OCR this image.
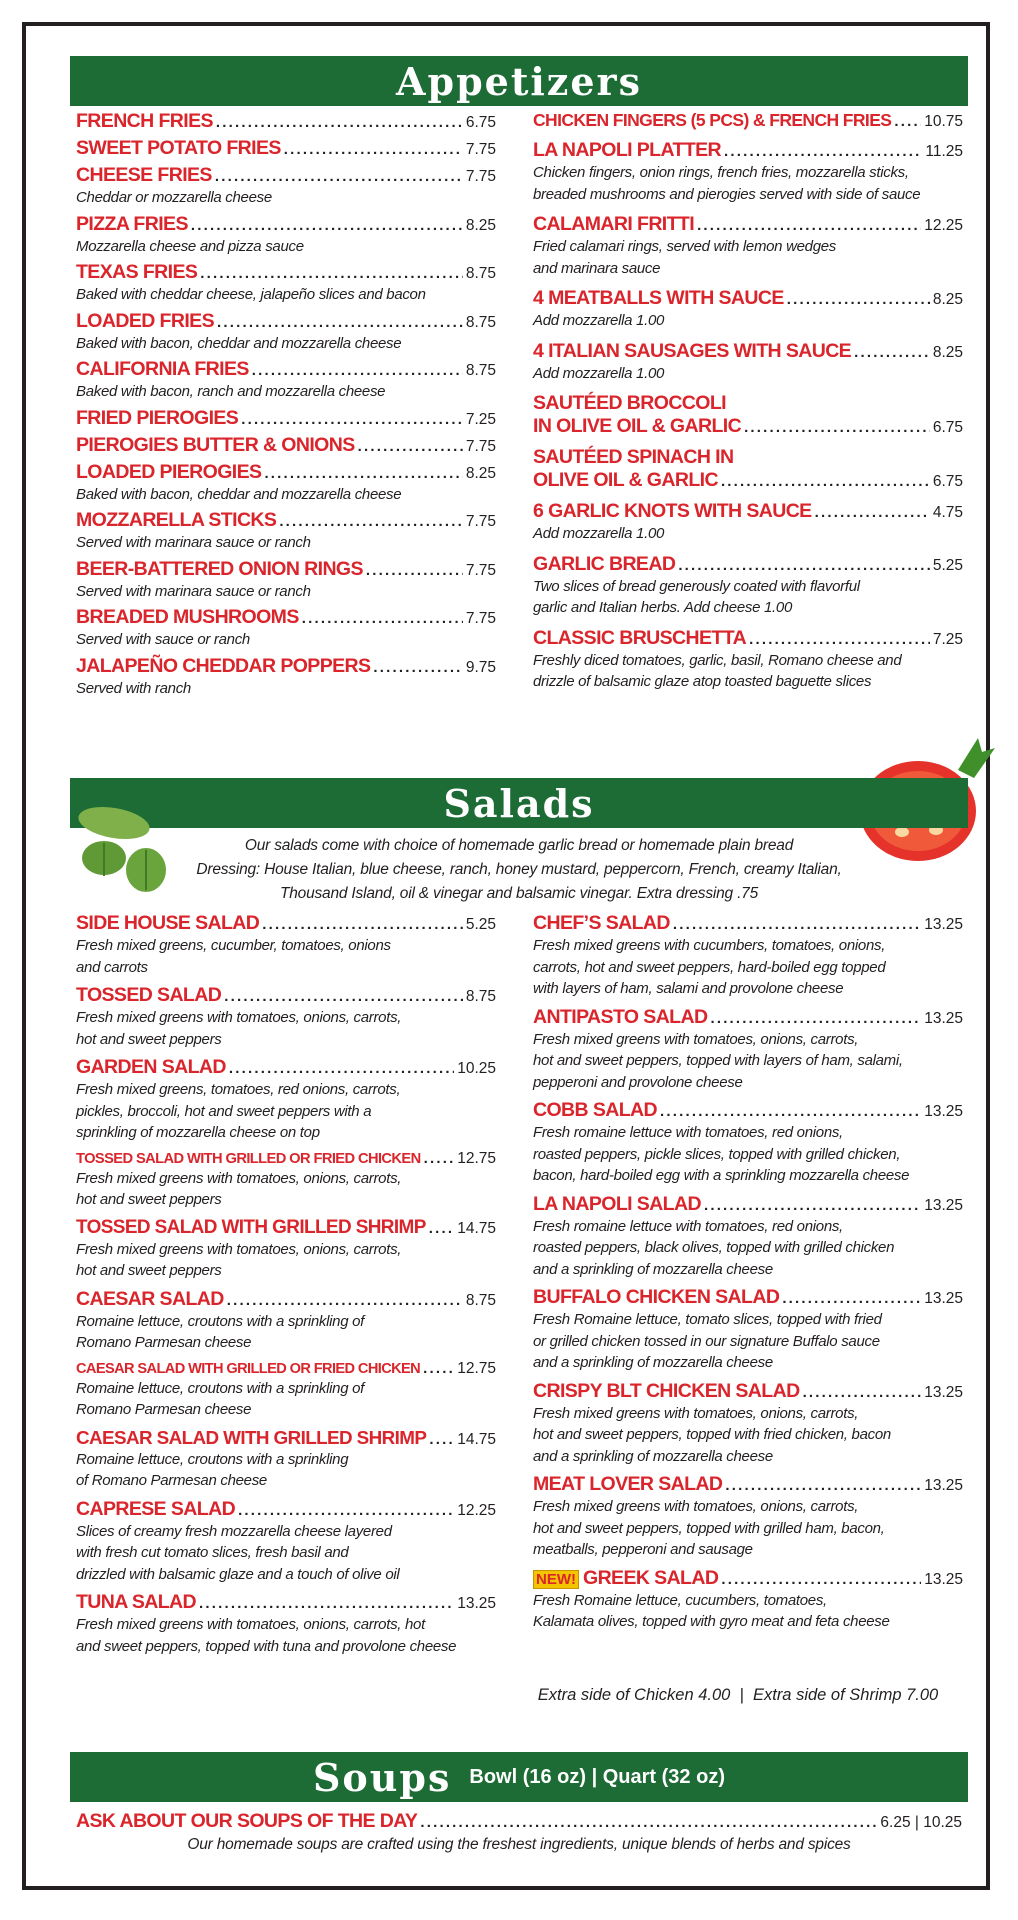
Appetizers
FRENCH FRIES .....	6.75
SWEET POTATO FRIES .....	7.75
CHEESE FRIES .....	7.75
Cheddar or mozzarella cheese
PIZZA FRIES .....	8.25
Mozzarella cheese and pizza sauce
TEXAS FRIES .....	8.75
Baked with cheddar cheese, jalapeño slices and bacon
LOADED FRIES .....	8.75
Baked with bacon, cheddar and mozzarella cheese
CALIFORNIA FRIES .....	8.75
Baked with bacon, ranch and mozzarella cheese
FRIED PIEROGIES .....	7.25
PIEROGIES BUTTER & ONIONS .....	7.75
LOADED PIEROGIES .....	8.25
Baked with bacon, cheddar and mozzarella cheese
MOZZARELLA STICKS .....	7.75
Served with marinara sauce or ranch
BEER-BATTERED ONION RINGS .....	7.75
Served with marinara sauce or ranch
BREADED MUSHROOMS .....	7.75
Served with sauce or ranch
JALAPEÑO CHEDDAR POPPERS .....	9.75
Served with ranch
CHICKEN FINGERS (5 PCS) & FRENCH FRIES ..... 10.75
LA NAPOLI PLATTER .....	11.25
Chicken fingers, onion rings, french fries, mozzarella sticks,
breaded mushrooms and pierogies served with side of sauce
CALAMARI FRITTI .....	12.25
Fried calamari rings, served with lemon wedges
and marinara sauce
4 MEATBALLS WITH SAUCE .....	8.25
Add mozzarella 1.00
4 ITALIAN SAUSAGES WITH SAUCE .....	8.25
Add mozzarella 1.00
SAUTÉED BROCCOLI
IN OLIVE OIL & GARLIC .....	6.75
SAUTÉED SPINACH IN
OLIVE OIL & GARLIC .....	6.75
6 GARLIC KNOTS WITH SAUCE .....	4.75
Add mozzarella 1.00
GARLIC BREAD .....	5.25
Two slices of bread generously coated with flavorful
garlic and Italian herbs. Add cheese 1.00
CLASSIC BRUSCHETTA .....	7.25
Freshly diced tomatoes, garlic, basil, Romano cheese and
drizzle of balsamic glaze atop toasted baguette slices
Salads
Our salads come with choice of homemade garlic bread or homemade plain bread
Dressing: House Italian, blue cheese, ranch, honey mustard, peppercorn, French, creamy Italian,
Thousand Island, oil & vinegar and balsamic vinegar. Extra dressing .75
SIDE HOUSE SALAD .....	5.25
Fresh mixed greens, cucumber, tomatoes, onions
and carrots
TOSSED SALAD .....	8.75
Fresh mixed greens with tomatoes, onions, carrots,
hot and sweet peppers
GARDEN SALAD .....	10.25
Fresh mixed greens, tomatoes, red onions, carrots,
pickles, broccoli, hot and sweet peppers with a
sprinkling of mozzarella cheese on top
TOSSED SALAD WITH GRILLED OR FRIED CHICKEN ..... 12.75
Fresh mixed greens with tomatoes, onions, carrots,
hot and sweet peppers
TOSSED SALAD WITH GRILLED SHRIMP ..... 14.75
Fresh mixed greens with tomatoes, onions, carrots,
hot and sweet peppers
CAESAR SALAD .....	8.75
Romaine lettuce, croutons with a sprinkling of
Romano Parmesan cheese
CAESAR SALAD WITH GRILLED OR FRIED CHICKEN ..... 12.75
Romaine lettuce, croutons with a sprinkling of
Romano Parmesan cheese
CAESAR SALAD WITH GRILLED SHRIMP ..... 14.75
Romaine lettuce, croutons with a sprinkling
of Romano Parmesan cheese
CAPRESE SALAD .....	12.25
Slices of creamy fresh mozzarella cheese layered
with fresh cut tomato slices, fresh basil and
drizzled with balsamic glaze and a touch of olive oil
TUNA SALAD .....	13.25
Fresh mixed greens with tomatoes, onions, carrots, hot
and sweet peppers, topped with tuna and provolone cheese
CHEF’S SALAD .....	13.25
Fresh mixed greens with cucumbers, tomatoes, onions,
carrots, hot and sweet peppers, hard-boiled egg topped
with layers of ham, salami and provolone cheese
ANTIPASTO SALAD .....	13.25
Fresh mixed greens with tomatoes, onions, carrots,
hot and sweet peppers, topped with layers of ham, salami,
pepperoni and provolone cheese
COBB SALAD .....	13.25
Fresh romaine lettuce with tomatoes, red onions,
roasted peppers, pickle slices, topped with grilled chicken,
bacon, hard-boiled egg with a sprinkling mozzarella cheese
LA NAPOLI SALAD .....	13.25
Fresh romaine lettuce with tomatoes, red onions,
roasted peppers, black olives, topped with grilled chicken
and a sprinkling of mozzarella cheese
BUFFALO CHICKEN SALAD .....	13.25
Fresh Romaine lettuce, tomato slices, topped with fried
or grilled chicken tossed in our signature Buffalo sauce
and a sprinkling of mozzarella cheese
CRISPY BLT CHICKEN SALAD .....	13.25
Fresh mixed greens with tomatoes, onions, carrots,
hot and sweet peppers, topped with fried chicken, bacon
and a sprinkling of mozzarella cheese
MEAT LOVER SALAD .....	13.25
Fresh mixed greens with tomatoes, onions, carrots,
hot and sweet peppers, topped with grilled ham, bacon,
meatballs, pepperoni and sausage
NEW! GREEK SALAD .....	13.25
Fresh Romaine lettuce, cucumbers, tomatoes,
Kalamata olives, topped with gyro meat and feta cheese
Extra side of Chicken 4.00  |  Extra side of Shrimp 7.00
Soups Bowl (16 oz) | Quart (32 oz)
ASK ABOUT OUR SOUPS OF THE DAY .....	6.25 | 10.25
Our homemade soups are crafted using the freshest ingredients, unique blends of herbs and spices
